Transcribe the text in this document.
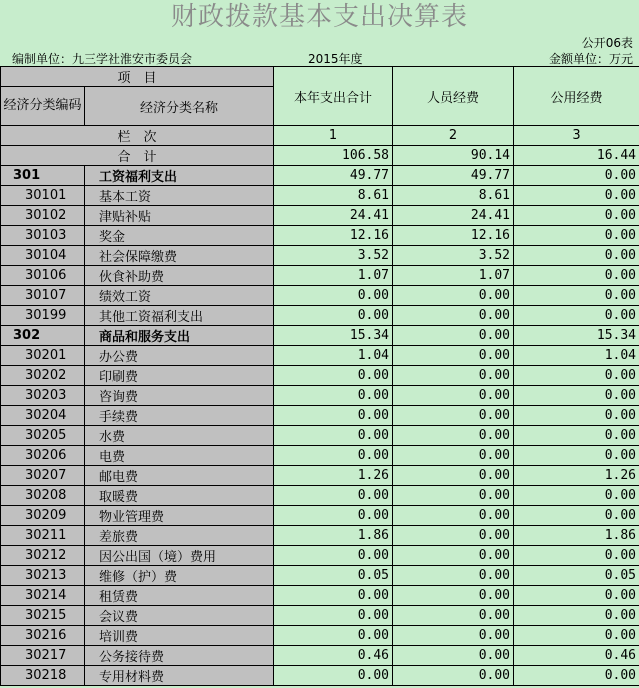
财政拨款基本支出决算表
公开06表
编制单位：九三学社淮安市委员会	2015年度	金额单位：万元
项　目		本年支出合计	人员经费	公用经费
经济分类编码	经济分类名称			
栏　次		1	2	3
合　计		106.58	90.14	16.44
301	工资福利支出	49.77	49.77	0.00
30101	基本工资	8.61	8.61	0.00
30102	津贴补贴	24.41	24.41	0.00
30103	奖金	12.16	12.16	0.00
30104	社会保障缴费	3.52	3.52	0.00
30106	伙食补助费	1.07	1.07	0.00
30107	绩效工资	0.00	0.00	0.00
30199	其他工资福利支出	0.00	0.00	0.00
302	商品和服务支出	15.34	0.00	15.34
30201	办公费	1.04	0.00	1.04
30202	印刷费	0.00	0.00	0.00
30203	咨询费	0.00	0.00	0.00
30204	手续费	0.00	0.00	0.00
30205	水费	0.00	0.00	0.00
30206	电费	0.00	0.00	0.00
30207	邮电费	1.26	0.00	1.26
30208	取暖费	0.00	0.00	0.00
30209	物业管理费	0.00	0.00	0.00
30211	差旅费	1.86	0.00	1.86
30212	因公出国（境）费用	0.00	0.00	0.00
30213	维修（护）费	0.05	0.00	0.05
30214	租赁费	0.00	0.00	0.00
30215	会议费	0.00	0.00	0.00
30216	培训费	0.00	0.00	0.00
30217	公务接待费	0.46	0.00	0.46
30218	专用材料费	0.00	0.00	0.00
